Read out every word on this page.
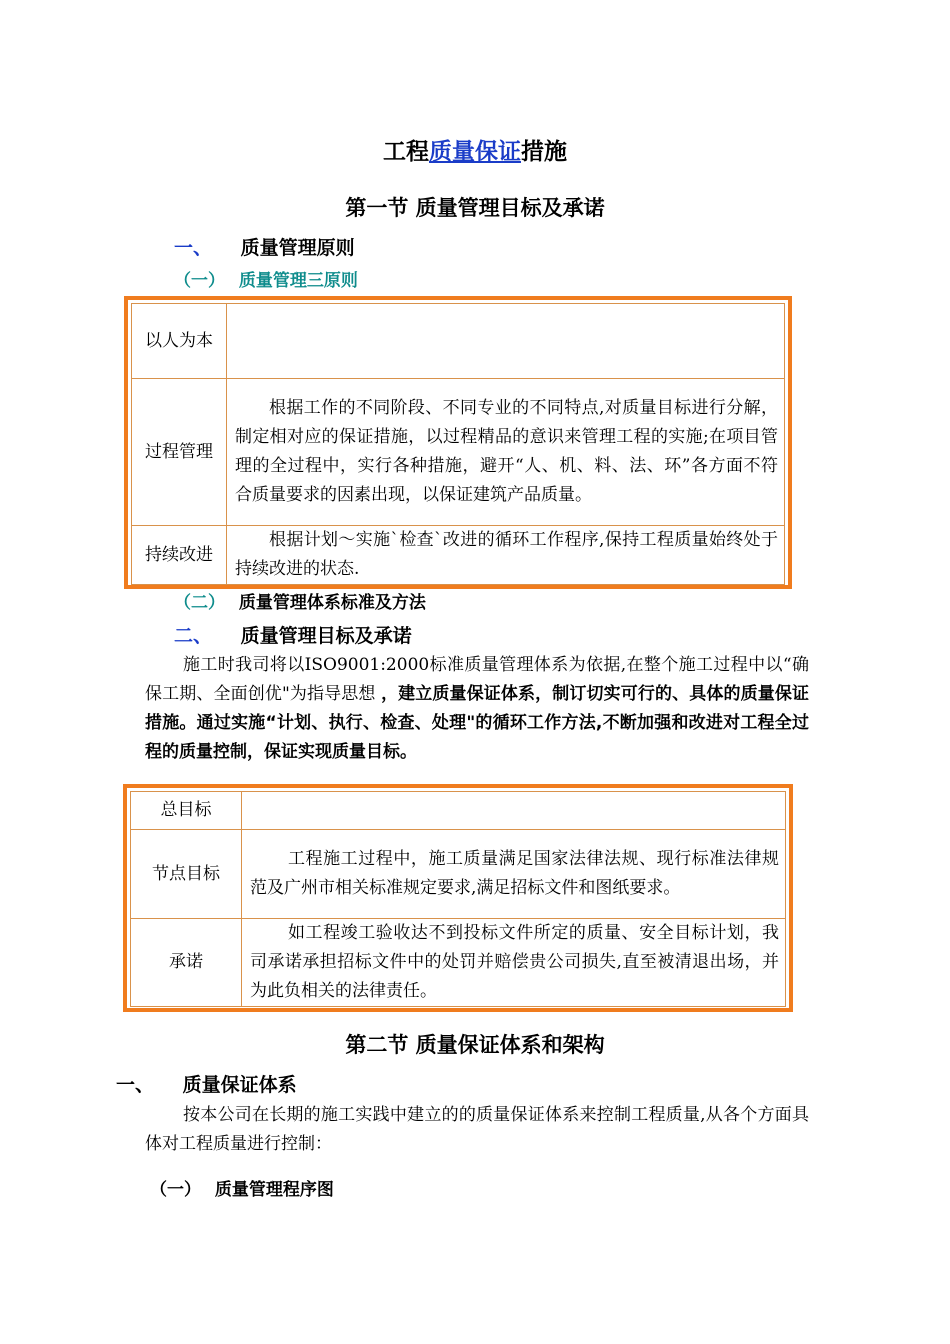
工程质量保证措施
第一节 质量管理目标及承诺
一、 质量管理原则
（一） 质量管理三原则
以人为本	
过程管理	根据工作的不同阶段、不同专业的不同特点,对质量目标进行分解，制定相对应的保证措施，以过程精品的意识来管理工程的实施;在项目管理的全过程中，实行各种措施，避开“人、机、料、法、环”各方面不符合质量要求的因素出现，以保证建筑产品质量。
持续改进	根据计划～实施ˋ检查ˋ改进的循环工作程序,保持工程质量始终处于持续改进的状态.
（二） 质量管理体系标准及方法
二、 质量管理目标及承诺
施工时我司将以ISO9001:2000标准质量管理体系为依据,在整个施工过程中以“确保工期、全面创优"为指导思想 ，建立质量保证体系，制订切实可行的、具体的质量保证措施。通过实施“计划、执行、检查、处理"的循环工作方法,不断加强和改进对工程全过程的质量控制，保证实现质量目标。
总目标	
节点目标	工程施工过程中，施工质量满足国家法律法规、现行标准法律规范及广州市相关标准规定要求,满足招标文件和图纸要求。
承诺	如工程竣工验收达不到投标文件所定的质量、安全目标计划，我司承诺承担招标文件中的处罚并赔偿贵公司损失,直至被清退出场，并为此负相关的法律责任。
第二节 质量保证体系和架构
一、 质量保证体系
按本公司在长期的施工实践中建立的的质量保证体系来控制工程质量,从各个方面具体对工程质量进行控制：
（一） 质量管理程序图
